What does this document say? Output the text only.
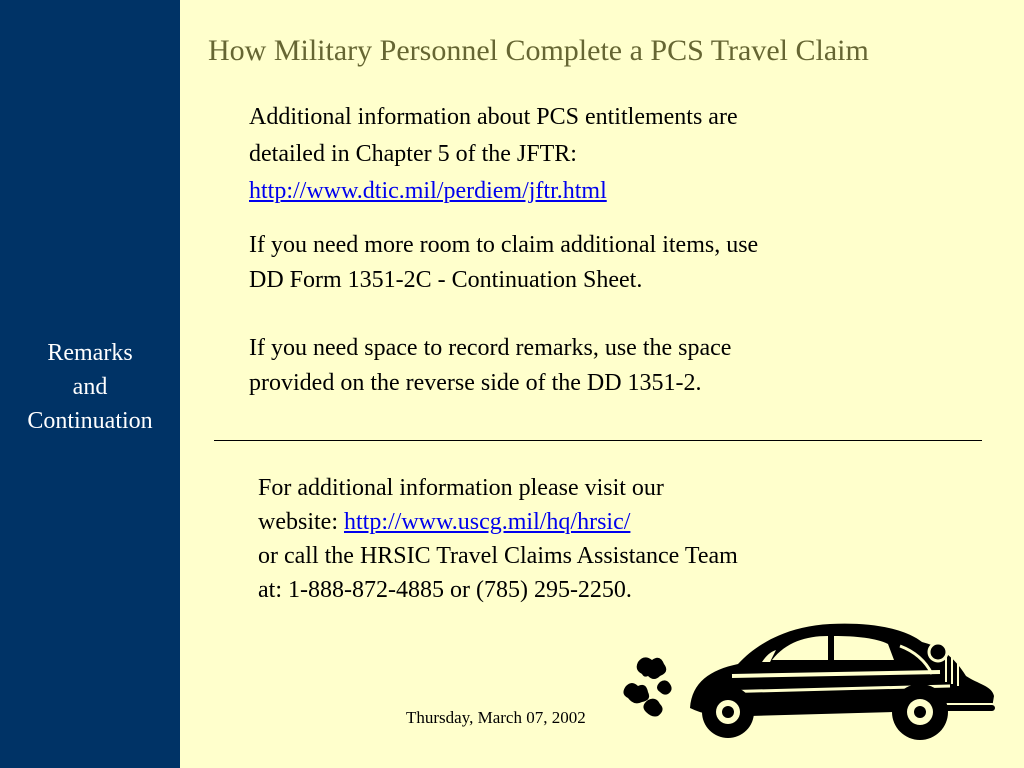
Remarks
and
Continuation
How Military Personnel Complete a PCS Travel Claim
Additional information about PCS entitlements are
detailed in Chapter 5 of the JFTR:
http://www.dtic.mil/perdiem/jftr.html
If you need more room to claim additional items, use
DD Form 1351-2C - Continuation Sheet.
If you need space to record remarks, use the space
provided on the reverse side of the DD 1351-2.
For additional information please visit our
website: http://www.uscg.mil/hq/hrsic/
or call the HRSIC Travel Claims Assistance Team
at: 1-888-872-4885 or (785) 295-2250.
Thursday, March 07, 2002
